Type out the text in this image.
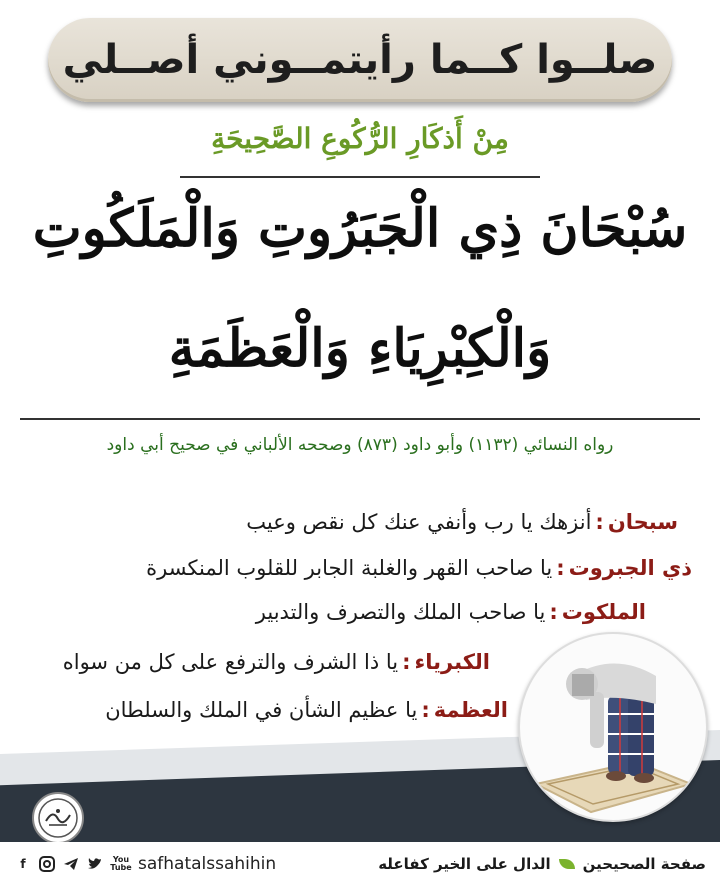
صلــوا كــما رأيتمــوني أصــلي
مِنْ أَذكَارِ الرُّكُوعِ الصَّحِيحَةِ
سُبْحَانَ ذِي الْجَبَرُوتِ وَالْمَلَكُوتِ
وَالْكِبْرِيَاءِ وَالْعَظَمَةِ
رواه النسائي (١١٣٢) وأبو داود (٨٧٣) وصححه الألباني في صحيح أبي داود
سبحان:أنزهك يا رب وأنفي عنك كل نقص وعيب
ذي الجبروت:يا صاحب القهر والغلبة الجابر للقلوب المنكسرة
الملكوت:يا صاحب الملك والتصرف والتدبير
الكبرياء:يا ذا الشرف والترفع على كل من سواه
العظمة:يا عظيم الشأن في الملك والسلطان
صفحة الصحيحين
الدال على الخير كفاعله
f	You
Tube safhatalssahihin
